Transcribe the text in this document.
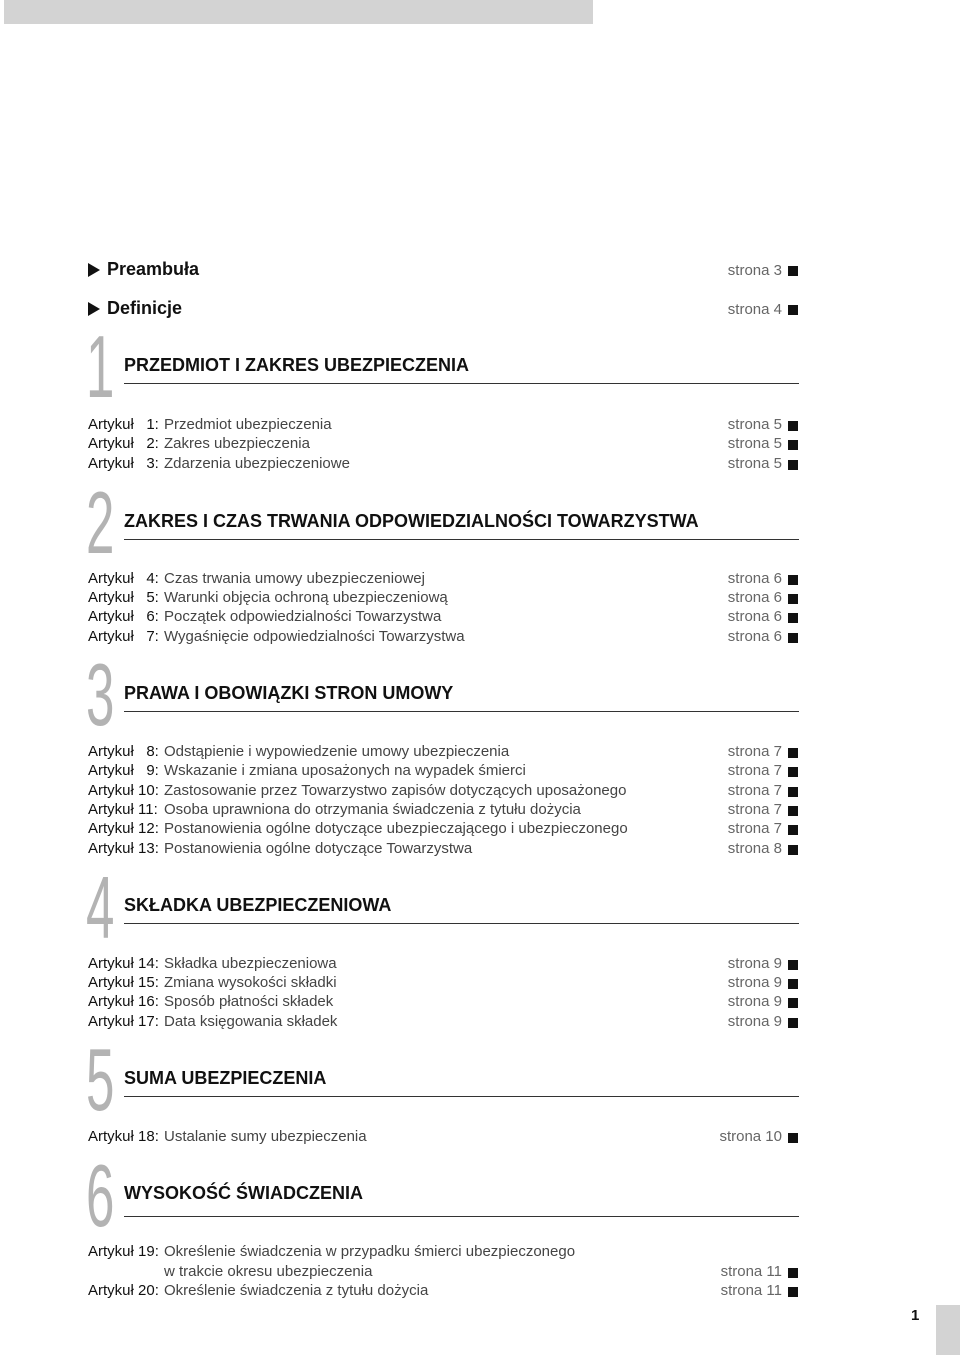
Preambuła	strona 3
Definicje	strona 4
1 PRZEDMIOT I ZAKRES UBEZPIECZENIA
Artykuł   1: Przedmiot ubezpieczenia	strona 5
Artykuł   2: Zakres ubezpieczenia	strona 5
Artykuł   3: Zdarzenia ubezpieczeniowe	strona 5
2 ZAKRES I CZAS TRWANIA ODPOWIEDZIALNOŚCI TOWARZYSTWA
Artykuł   4: Czas trwania umowy ubezpieczeniowej	strona 6
Artykuł   5: Warunki objęcia ochroną ubezpieczeniową	strona 6
Artykuł   6: Początek odpowiedzialności Towarzystwa	strona 6
Artykuł   7: Wygaśnięcie odpowiedzialności Towarzystwa	strona 6
3 PRAWA I OBOWIĄZKI STRON UMOWY
Artykuł   8: Odstąpienie i wypowiedzenie umowy ubezpieczenia	strona 7
Artykuł   9: Wskazanie i zmiana uposażonych na wypadek śmierci	strona 7
Artykuł 10: Zastosowanie przez Towarzystwo zapisów dotyczących uposażonego	strona 7
Artykuł 11: Osoba uprawniona do otrzymania świadczenia z tytułu dożycia	strona 7
Artykuł 12: Postanowienia ogólne dotyczące ubezpieczającego i ubezpieczonego	strona 7
Artykuł 13: Postanowienia ogólne dotyczące Towarzystwa	strona 8
4 SKŁADKA UBEZPIECZENIOWA
Artykuł 14: Składka ubezpieczeniowa	strona 9
Artykuł 15: Zmiana wysokości składki	strona 9
Artykuł 16: Sposób płatności składek	strona 9
Artykuł 17: Data księgowania składek	strona 9
5 SUMA UBEZPIECZENIA
Artykuł 18: Ustalanie sumy ubezpieczenia	strona 10
6 WYSOKOŚĆ ŚWIADCZENIA
Artykuł 19: Określenie świadczenia w przypadku śmierci ubezpieczonego
w trakcie okresu ubezpieczenia	strona 11
Artykuł 20: Określenie świadczenia z tytułu dożycia	strona 11
1
